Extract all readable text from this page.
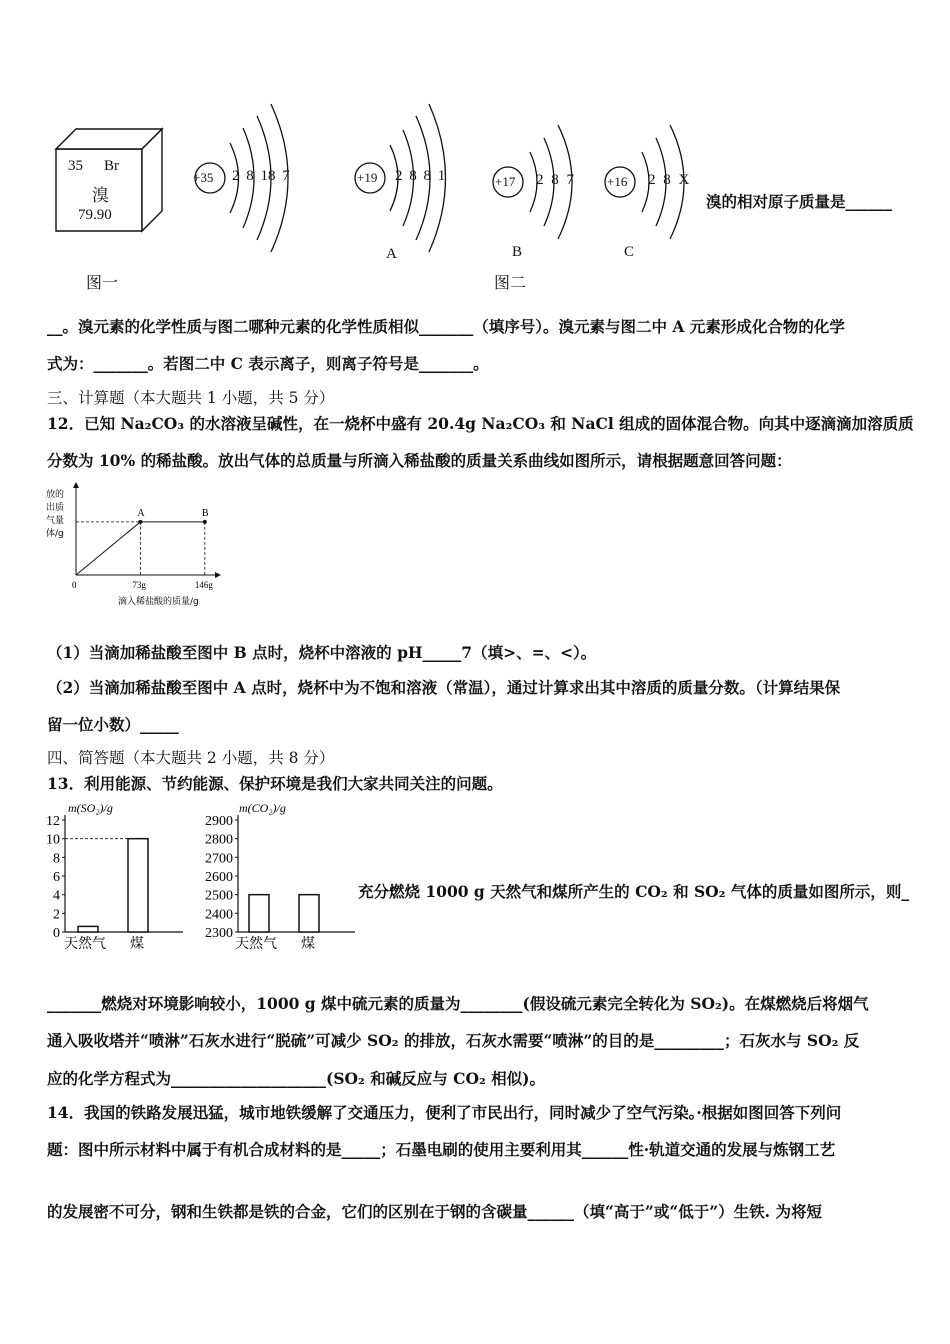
35 Br
溴
79.90
图一
+35 2 8 18 7	+19 2 8 8 1
A
+17 2 8 7
B
+16 2 8 X
C
图二
溴的相对原子质量是______
__。溴元素的化学性质与图二哪种元素的化学性质相似_______（填序号）。溴元素与图二中 A 元素形成化合物的化学
式为：_______。若图二中 C 表示离子，则离子符号是_______。
三、计算题（本大题共 1 小题，共 5 分）
12．已知 Na₂CO₃ 的水溶液呈碱性，在一烧杯中盛有 20.4g Na₂CO₃ 和 NaCl 组成的固体混合物。向其中逐滴滴加溶质质
分数为 10% 的稀盐酸。放出气体的总质量与所滴入稀盐酸的质量关系曲线如图所示，请根据题意回答问题：
放的
出质
气量
体/g
0	73g	146g
滴入稀盐酸的质量/g
A	B
（1）当滴加稀盐酸至图中 B 点时，烧杯中溶液的 pH_____7（填>、=、<）。
（2）当滴加稀盐酸至图中 A 点时，烧杯中为不饱和溶液（常温），通过计算求出其中溶质的质量分数。（计算结果保
留一位小数）_____
四、简答题（本大题共 2 小题，共 8 分）
13．利用能源、节约能源、保护环境是我们大家共同关注的问题。
m(SO₂)/g
0
2
4
6
8
10
12
天然气 煤
m(CO₂)/g
2300
2400
2500
2600
2700
2800
2900
天然气 煤
充分燃烧 1000 g 天然气和煤所产生的 CO₂ 和 SO₂ 气体的质量如图所示，则_
_______燃烧对环境影响较小，1000 g 煤中硫元素的质量为________(假设硫元素完全转化为 SO₂)。在煤燃烧后将烟气
通入吸收塔并“喷淋”石灰水进行“脱硫”可减少 SO₂ 的排放，石灰水需要“喷淋”的目的是_________；石灰水与 SO₂ 反
应的化学方程式为____________________(SO₂ 和碱反应与 CO₂ 相似)。
14．我国的铁路发展迅猛，城市地铁缓解了交通压力，便利了市民出行，同时减少了空气污染。·根据如图回答下列问
题：图中所示材料中属于有机合成材料的是_____；石墨电刷的使用主要利用其______性·轨道交通的发展与炼钢工艺
的发展密不可分，钢和生铁都是铁的合金，它们的区别在于钢的含碳量______（填“高于”或“低于”）生铁. 为将短
